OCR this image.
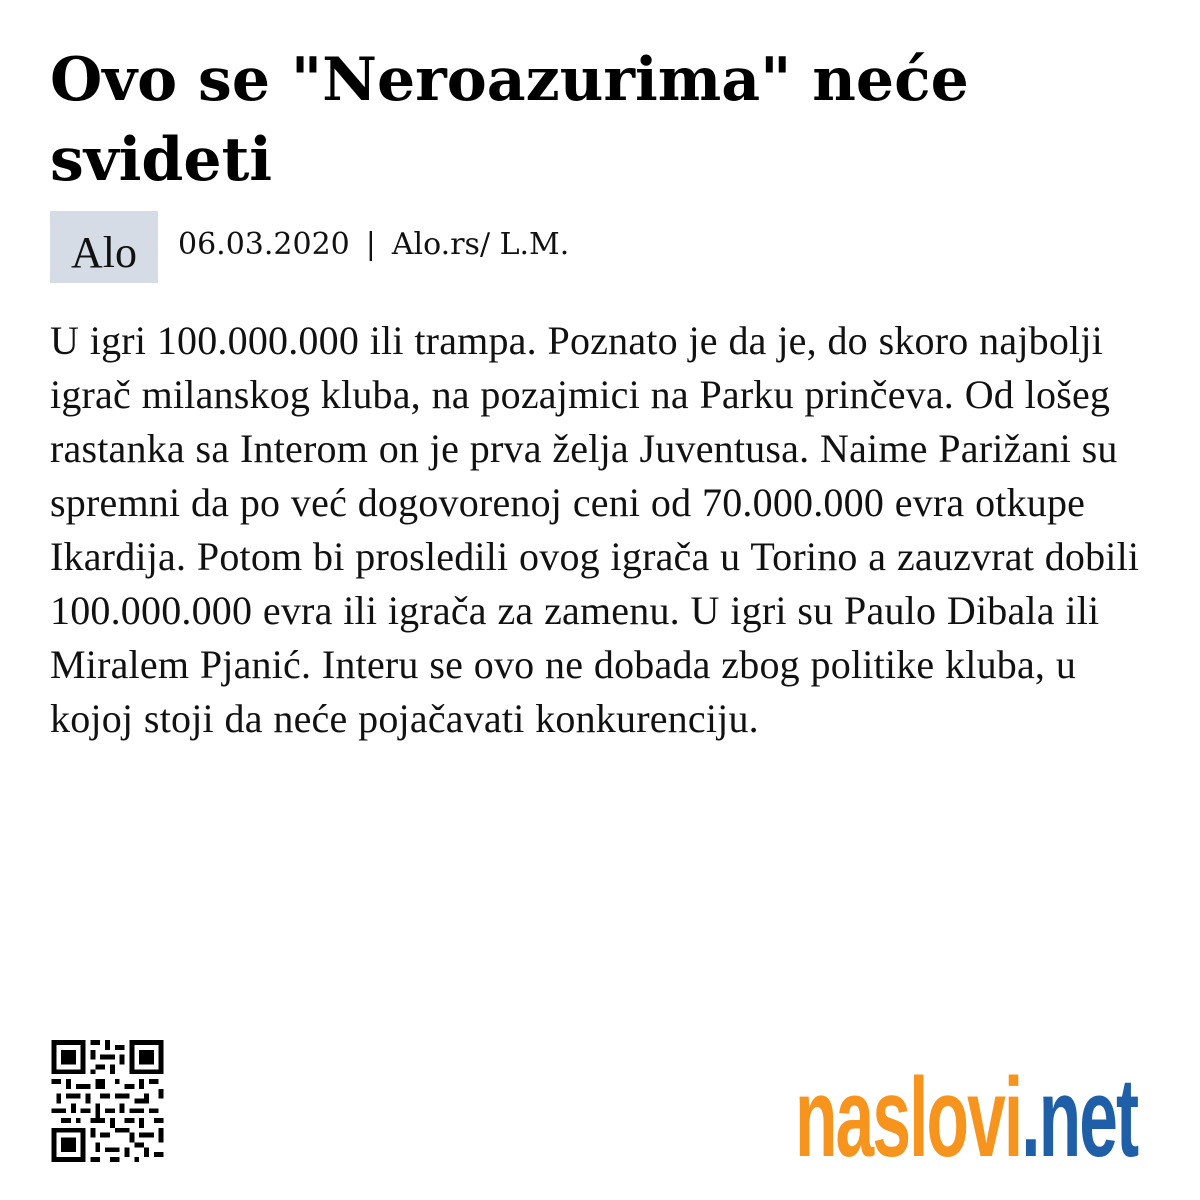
Ovo se "Neroazurima" neće svideti
Alo	06.03.2020 | Alo.rs/ L.M.

U igri 100.000.000 ili trampa. Poznato je da je, do skoro najbolji igrač milanskog kluba, na pozajmici na Parku prinčeva. Od lošeg rastanka sa Interom on je prva želja Juventusa. Naime Parižani su spremni da po već dogovorenoj ceni od 70.000.000 evra otkupe Ikardija. Potom bi prosledili ovog igrača u Torino a zauzvrat dobili 100.000.000 evra ili igrača za zamenu. U igri su Paulo Dibala ili Miralem Pjanić. Interu se ovo ne dobada zbog politike kluba, u kojoj stoji da neće pojačavati konkurenciju.

naslovi.net
